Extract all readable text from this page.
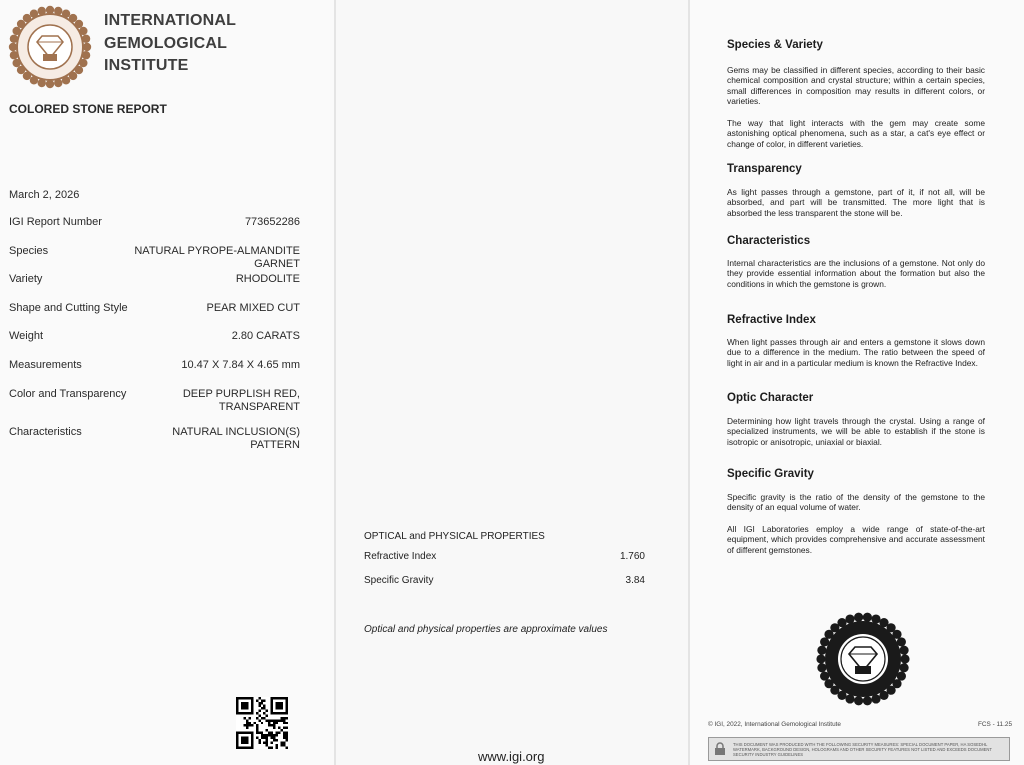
INTERNATIONAL
GEMOLOGICAL
INSTITUTE
COLORED STONE REPORT
March 2, 2026
IGI Report Number	773652286
Species	NATURAL PYROPE-ALMANDITE
GARNET
Variety	RHODOLITE
Shape and Cutting Style	PEAR MIXED CUT
Weight	2.80 CARATS
Measurements	10.47 X 7.84 X 4.65 mm
Color and Transparency	DEEP PURPLISH RED,
TRANSPARENT
Characteristics	NATURAL INCLUSION(S)
PATTERN
OPTICAL and PHYSICAL PROPERTIES
Refractive Index	1.760
Specific Gravity	3.84
Optical and physical properties are approximate values
www.igi.org
Species & Variety

Gems may be classified in different species, according to their basic chemical composition and crystal structure; within a certain species, small differences in composition may results in different colors, or varieties.

The way that light interacts with the gem may create some astonishing optical phenomena, such as a star, a cat's eye effect or change of color, in different varieties.

Transparency

As light passes through a gemstone, part of it, if not all, will be absorbed, and part will be transmitted. The more light that is absorbed the less transparent the stone will be.

Characteristics

Internal characteristics are the inclusions of a gemstone. Not only do they provide essential information about the formation but also the conditions in which the gemstone is grown.

Refractive Index

When light passes through air and enters a gemstone it slows down due to a difference in the medium. The ratio between the speed of light in air and in a particular medium is known the Refractive Index.

Optic Character

Determining how light travels through the crystal. Using a range of specialized instruments, we will be able to establish if the stone is isotropic or anisotropic, uniaxial or biaxial.

Specific Gravity

Specific gravity is the ratio of the density of the gemstone to the density of an equal volume of water.

All IGI Laboratories employ a wide range of state-of-the-art equipment, which provides comprehensive and accurate assessment of different gemstones.

© IGI, 2022, International Gemological Institute	FCS - 11.25
THIS DOCUMENT WAS PRODUCED WITH THE FOLLOWING SECURITY MEASURES: SPECIAL DOCUMENT PAPER, HA SOSEDHL WATERMARK, BACKGROUND DESIGN, HOLOGRAMS AND OTHER SECURITY FEATURES NOT LISTED AND EXCEEDS DOCUMENT SECURITY INDUSTRY GUIDELINES
